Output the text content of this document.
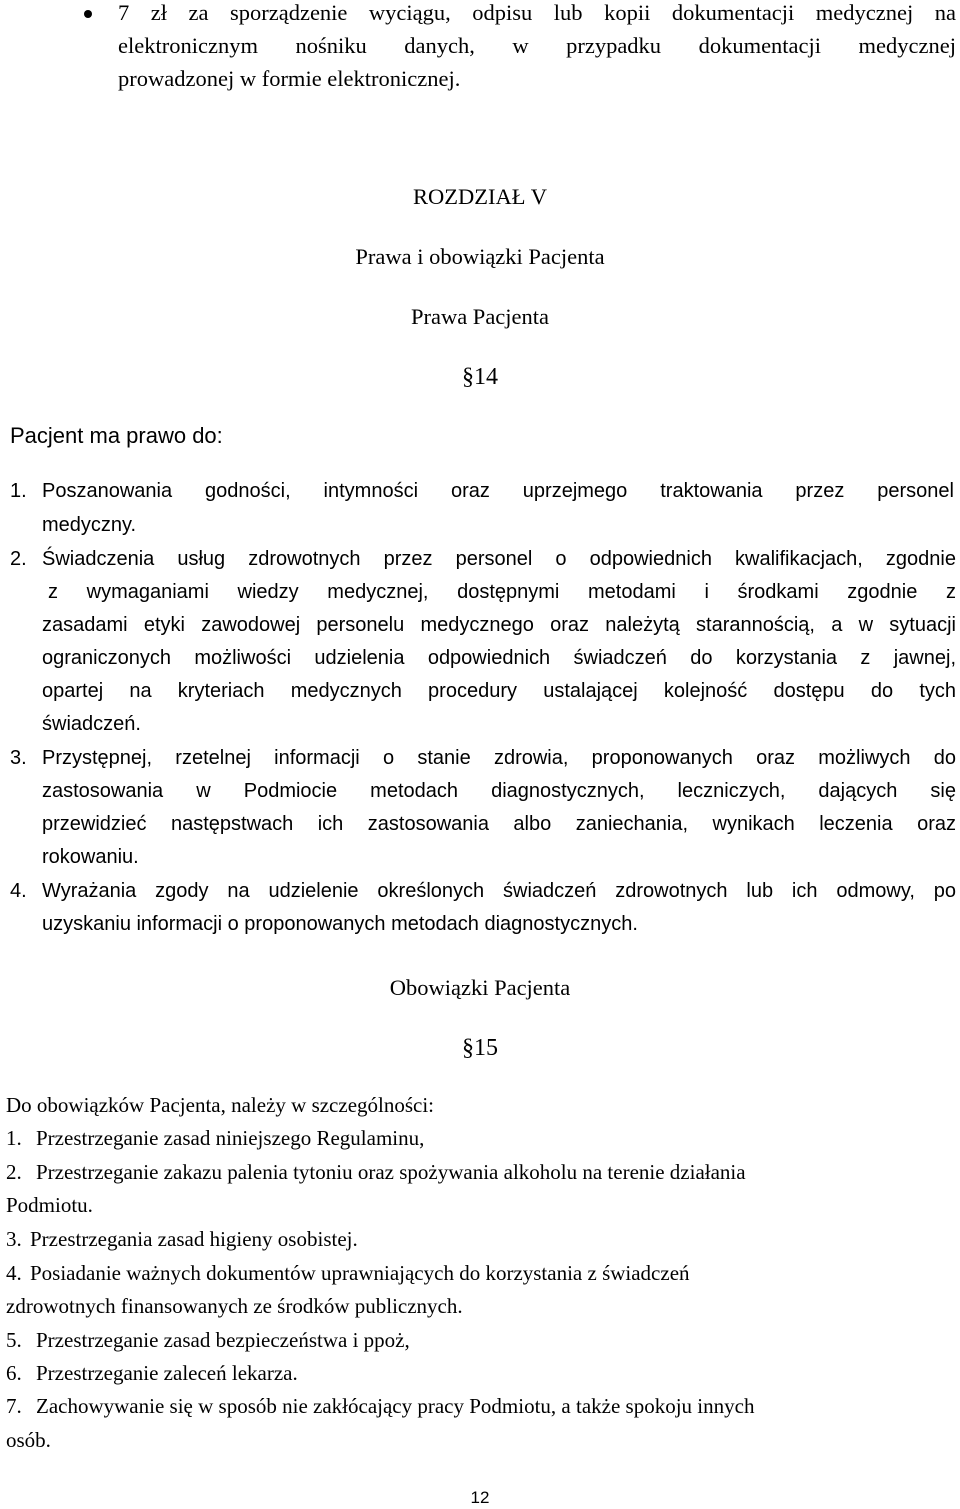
7 zł za sporządzenie wyciągu, odpisu lub kopii dokumentacji medycznej na
elektronicznym nośniku danych, w przypadku dokumentacji medycznej
prowadzonej w formie elektronicznej.
ROZDZIAŁ V
Prawa i obowiązki Pacjenta
Prawa Pacjenta
§14
Pacjent ma prawo do:
1. Poszanowania godności, intymności oraz uprzejmego traktowania przez personel
medyczny.
2. Świadczenia usług zdrowotnych przez personel o odpowiednich kwalifikacjach, zgodnie
z wymaganiami wiedzy medycznej, dostępnymi metodami i środkami zgodnie z
zasadami etyki zawodowej personelu medycznego oraz należytą starannością, a w sytuacji
ograniczonych możliwości udzielenia odpowiednich świadczeń do korzystania z jawnej,
opartej na kryteriach medycznych procedury ustalającej kolejność dostępu do tych
świadczeń.
3. Przystępnej, rzetelnej informacji o stanie zdrowia, proponowanych oraz możliwych do
zastosowania w Podmiocie metodach diagnostycznych, leczniczych, dających się
przewidzieć następstwach ich zastosowania albo zaniechania, wynikach leczenia oraz
rokowaniu.
4. Wyrażania zgody na udzielenie określonych świadczeń zdrowotnych lub ich odmowy, po
uzyskaniu informacji o proponowanych metodach diagnostycznych.
Obowiązki Pacjenta
§15
Do obowiązków Pacjenta, należy w szczególności:
1. Przestrzeganie zasad niniejszego Regulaminu,
2. Przestrzeganie zakazu palenia tytoniu oraz spożywania alkoholu na terenie działania
Podmiotu.
3. Przestrzegania zasad higieny osobistej.
4. Posiadanie ważnych dokumentów uprawniających do korzystania z świadczeń
zdrowotnych finansowanych ze środków publicznych.
5. Przestrzeganie zasad bezpieczeństwa i ppoż,
6. Przestrzeganie zaleceń lekarza.
7. Zachowywanie się w sposób nie zakłócający pracy Podmiotu, a także spokoju innych
osób.
12
